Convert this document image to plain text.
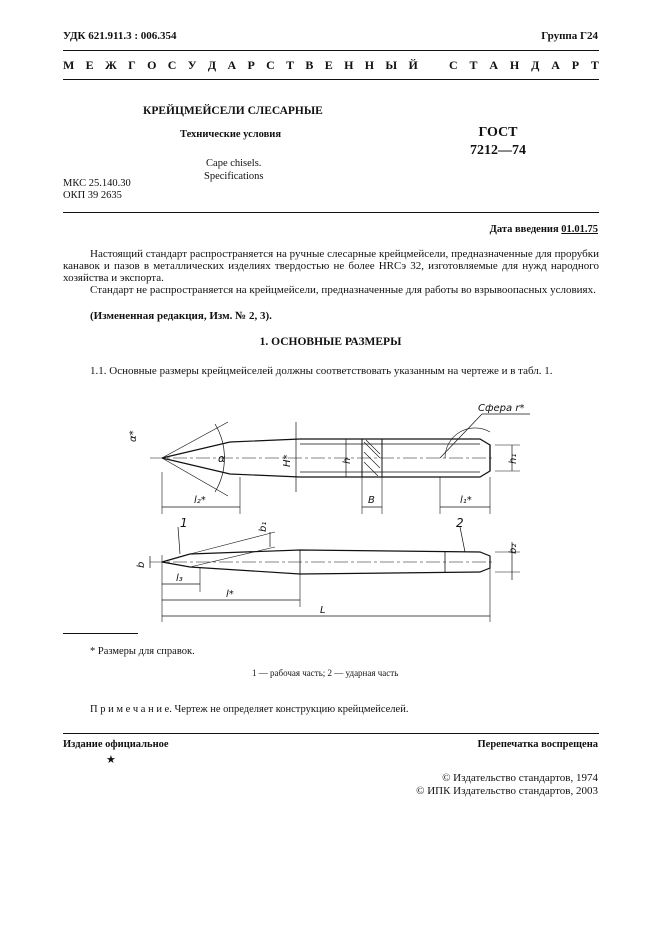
УДК 621.911.3 : 006.354	Группа Г24
М Е Ж Г О С У Д А Р С Т В Е Н Н Ы Й	С Т А Н Д А Р Т
КРЕЙЦМЕЙСЕЛИ СЛЕСАРНЫЕ
Технические условия	ГОСТ
7212—74
Cape chisels.
Specifications
МКС 25.140.30
ОКП 39 2635
Дата введения 01.01.75

Настоящий стандарт распространяется на ручные слесарные крейцмейсели, предназначенные для прорубки канавок и пазов в металлических изделиях твердостью не более HRCэ 32, изготовляемые для нужд народного хозяйства и экспорта.

Стандарт не распространяется на крейцмейсели, предназначенные для работы во взрывоопасных условиях.

(Измененная редакция, Изм. № 2, 3).

1. ОСНОВНЫЕ РАЗМЕРЫ
1.1. Основные размеры крейцмейселей должны соответствовать указанным на чертеже и в табл. 1.
Сфера r*
α*
α	H*	h	h₁
B
l₂*	l₁*
b
b₁
b₂
l₃
l*
L
1	2
* Размеры для справок.
1 — рабочая часть; 2 — ударная часть
П р и м е ч а н и е. Чертеж не определяет конструкцию крейцмейселей.
Издание официальное
★
Перепечатка воспрещена
© Издательство стандартов, 1974
© ИПК Издательство стандартов, 2003
